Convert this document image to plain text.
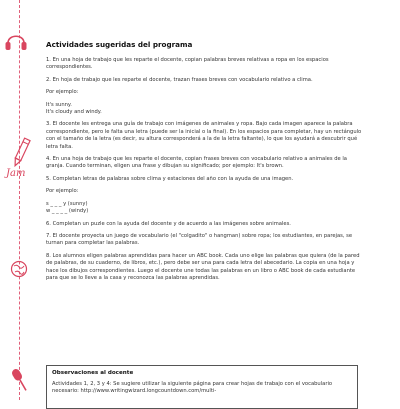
Jam

Actividades sugeridas del programa

1. En una hoja de trabajo que les reparte el docente, copian palabras breves relativas a ropa en los espacios correspondientes.

2. En hoja de trabajo que les reparte el docente, trazan frases breves con vocabulario relativo a clima.

Por ejemplo:

It's sunny.

It's cloudy and windy.

3. El docente les entrega una guía de trabajo con imágenes de animales y ropa. Bajo cada imagen aparece la palabra correspondiente, pero le falta una letra (puede ser la inicial o la final). En los espacios para completar, hay un rectángulo con el tamaño de la letra (es decir, su altura corresponderá a la de la letra faltante), lo que los ayudará a descubrir qué letra falta.

4. En una hoja de trabajo que les reparte el docente, copian frases breves con vocabulario relativo a animales de la granja. Cuando terminan, eligen una frase y dibujan su significado; por ejemplo: It's brown.

5. Completan letras de palabras sobre clima y estaciones del año con la ayuda de una imagen.

Por ejemplo:

s _ _ _ y (sunny)

w _ _ _ _ (windy)

6. Completan un puzle con la ayuda del docente y de acuerdo a las imágenes sobre animales.

7. El docente proyecta un juego de vocabulario (el "colgadito" o hangman) sobre ropa; los estudiantes, en parejas, se turnan para completar las palabras.

8. Los alumnos eligen palabras aprendidas para hacer un ABC book. Cada uno elige las palabras que quiera (de la pared de palabras, de su cuaderno, de libros, etc.), pero debe ser una para cada letra del abecedario. La copia en una hoja y hace los dibujos correspondientes. Luego el docente une todas las palabras en un libro o ABC book de cada estudiante para que se lo lleve a la casa y reconozca las palabras aprendidas.

Observaciones al docente

Actividades 1, 2, 3 y 4: Se sugiere utilizar la siguiente página para crear hojas de trabajo con el vocabulario necesario: http://www.writingwizard.longcountdown.com/multi-
